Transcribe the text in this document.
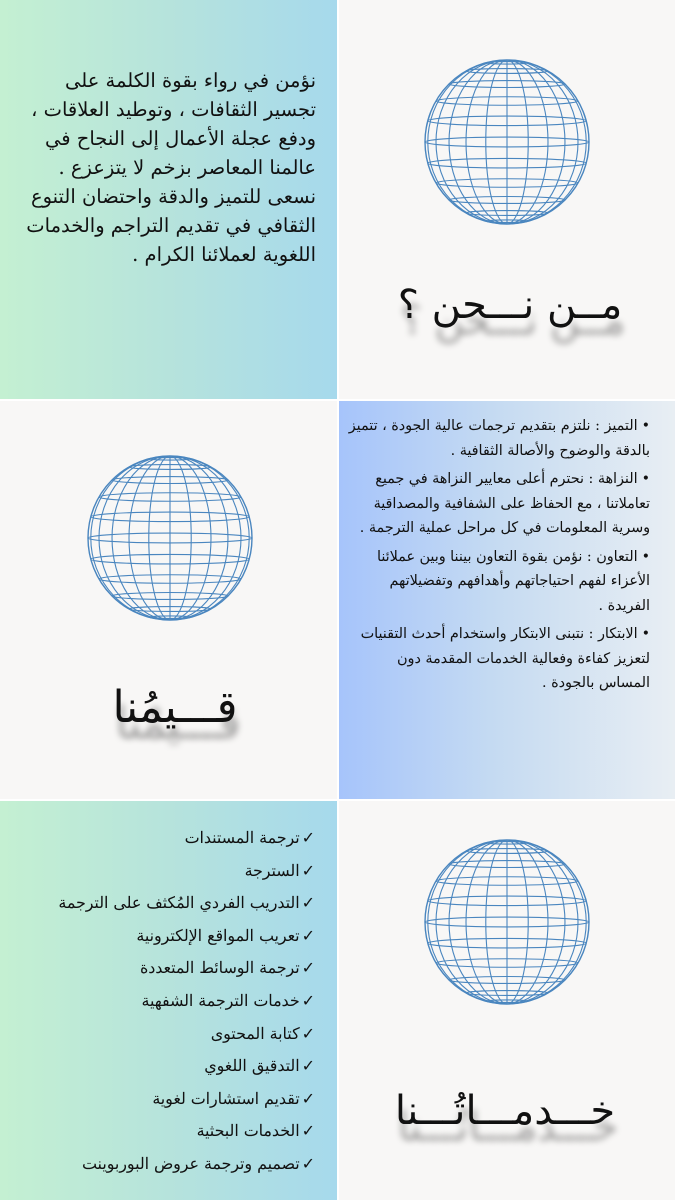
نؤمن في رواء بقوة الكلمة على تجسير الثقافات ، وتوطيد العلاقات ، ودفع عجلة الأعمال إلى النجاح في عالمنا المعاصر بزخم لا يتزعزع . نسعى للتميز والدقة واحتضان التنوع الثقافي في تقديم التراجم والخدمات اللغوية لعملائنا الكرام .
مــن نـــحن ؟
قـــيمُنا
•التميز : نلتزم بتقديم ترجمات عالية الجودة ، تتميز بالدقة والوضوح والأصالة الثقافية .
•النزاهة : نحترم أعلى معايير النزاهة في جميع تعاملاتنا ، مع الحفاظ على الشفافية والمصداقية وسرية المعلومات في كل مراحل عملية الترجمة .
•التعاون : نؤمن بقوة التعاون بيننا وبين عملائنا الأعزاء لفهم احتياجاتهم وأهدافهم وتفضيلاتهم الفريدة .
•الابتكار : نتبنى الابتكار واستخدام أحدث التقنيات لتعزيز كفاءة وفعالية الخدمات المقدمة دون المساس بالجودة .
✓ترجمة المستندات
✓السترجة
✓التدريب الفردي المُكثف على الترجمة
✓تعريب المواقع الإلكترونية
✓ترجمة الوسائط المتعددة
✓خدمات الترجمة الشفهية
✓كتابة المحتوى
✓التدقيق اللغوي
✓تقديم استشارات لغوية
✓الخدمات البحثية
✓تصميم وترجمة عروض البوربوينت
خـــدمـــاتُـــنا
